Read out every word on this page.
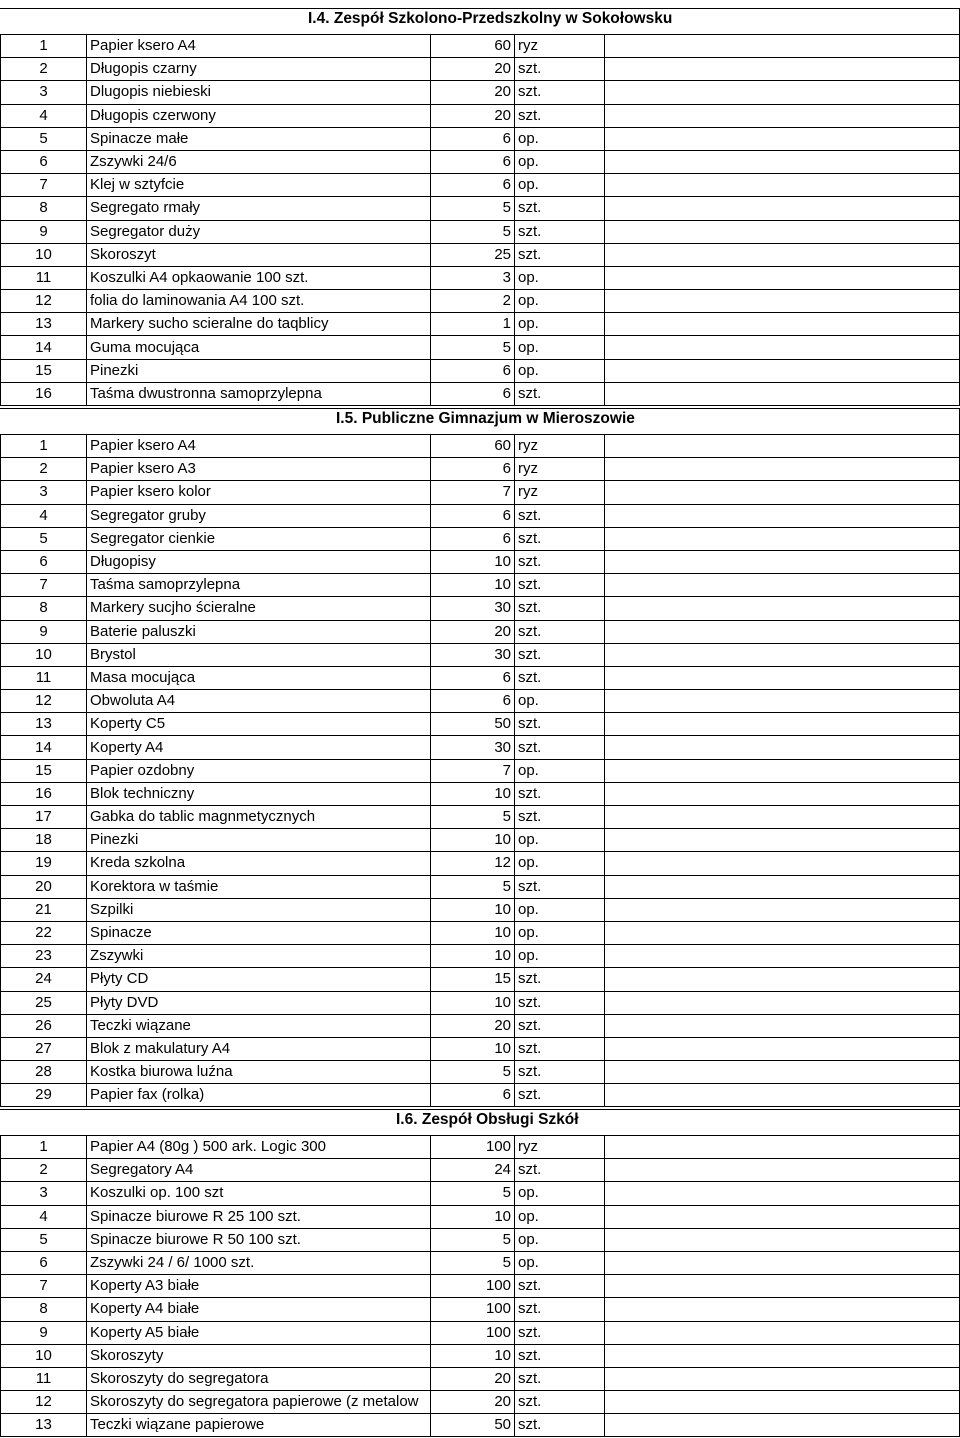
I.4. Zespół Szkolono-Przedszkolny w Sokołowsku
1	Papier ksero A4	60	ryz	
2	Długopis czarny	20	szt.	
3	Dlugopis niebieski	20	szt.	
4	Długopis czerwony	20	szt.	
5	Spinacze małe	6	op.	
6	Zszywki 24/6	6	op.	
7	Klej w sztyfcie	6	op.	
8	Segregato rmały	5	szt.	
9	Segregator duży	5	szt.	
10	Skoroszyt	25	szt.	
11	Koszulki A4 opkaowanie 100 szt.	3	op.	
12	folia do laminowania A4 100 szt.	2	op.	
13	Markery sucho scieralne do taqblicy	1	op.	
14	Guma mocująca	5	op.	
15	Pinezki	6	op.	
16	Taśma dwustronna samoprzylepna	6	szt.	
I.5. Publiczne Gimnazjum w Mieroszowie
1	Papier ksero A4	60	ryz	
2	Papier ksero A3	6	ryz	
3	Papier ksero kolor	7	ryz	
4	Segregator gruby	6	szt.	
5	Segregator cienkie	6	szt.	
6	Długopisy	10	szt.	
7	Taśma samoprzylepna	10	szt.	
8	Markery sucjho ścieralne	30	szt.	
9	Baterie paluszki	20	szt.	
10	Brystol	30	szt.	
11	Masa mocująca	6	szt.	
12	Obwoluta A4	6	op.	
13	Koperty C5	50	szt.	
14	Koperty A4	30	szt.	
15	Papier ozdobny	7	op.	
16	Blok techniczny	10	szt.	
17	Gabka do tablic magnmetycznych	5	szt.	
18	Pinezki	10	op.	
19	Kreda szkolna	12	op.	
20	Korektora w taśmie	5	szt.	
21	Szpilki	10	op.	
22	Spinacze	10	op.	
23	Zszywki	10	op.	
24	Płyty CD	15	szt.	
25	Płyty DVD	10	szt.	
26	Teczki wiązane	20	szt.	
27	Blok z makulatury A4	10	szt.	
28	Kostka biurowa luźna	5	szt.	
29	Papier fax (rolka)	6	szt.	
I.6. Zespół Obsługi Szkół
1	Papier A4 (80g ) 500 ark. Logic 300	100	ryz	
2	Segregatory A4	24	szt.	
3	Koszulki op. 100 szt	5	op.	
4	Spinacze biurowe R 25 100 szt.	10	op.	
5	Spinacze biurowe R 50 100 szt.	5	op.	
6	Zszywki 24 / 6/ 1000 szt.	5	op.	
7	Koperty A3 białe	100	szt.	
8	Koperty A4 białe	100	szt.	
9	Koperty A5 białe	100	szt.	
10	Skoroszyty	10	szt.	
11	Skoroszyty do segregatora	20	szt.	
12	Skoroszyty do segregatora papierowe (z metalow	20	szt.	
13	Teczki wiązane papierowe	50	szt.	
